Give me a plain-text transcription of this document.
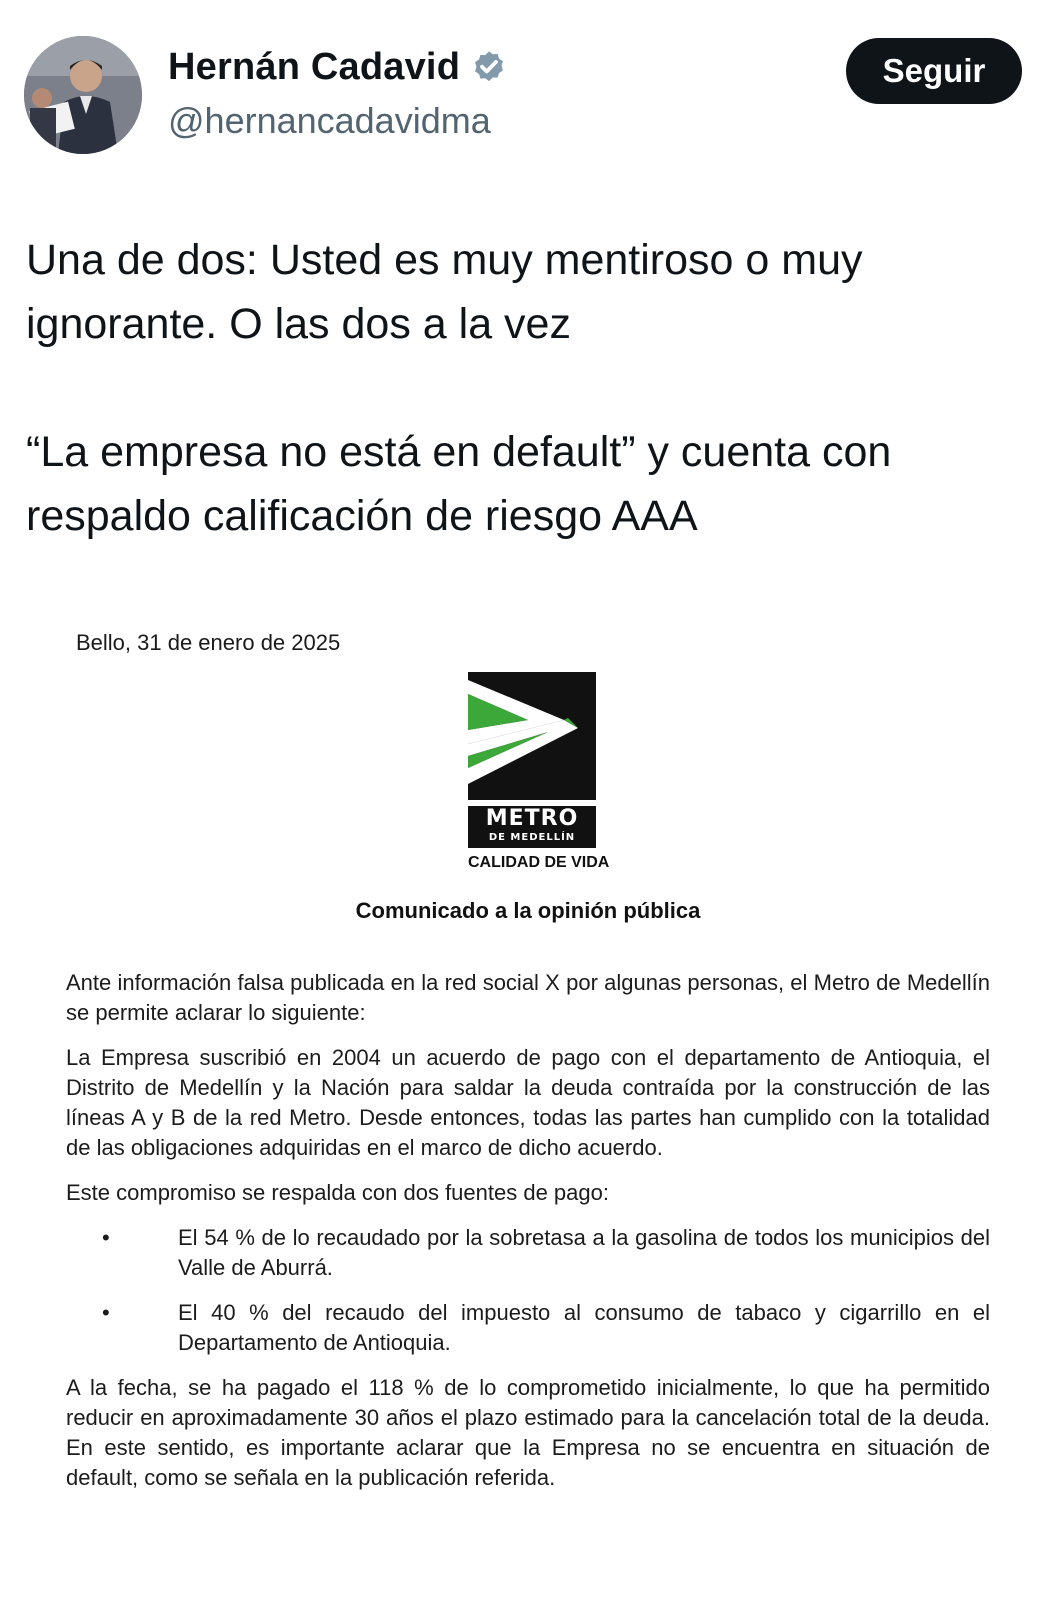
Hernán Cadavid
@hernancadavidma
Seguir

Una de dos: Usted es muy mentiroso o muy ignorante. O las dos a la vez

“La empresa no está en default” y cuenta con respaldo calificación de riesgo AAA

Bello, 31 de enero de 2025
METRO
DE MEDELLÍN
CALIDAD DE VIDA
Comunicado a la opinión pública

Ante información falsa publicada en la red social X por algunas personas, el Metro de Medellín se permite aclarar lo siguiente:

La Empresa suscribió en 2004 un acuerdo de pago con el departamento de Antioquia, el Distrito de Medellín y la Nación para saldar la deuda contraída por la construcción de las líneas A y B de la red Metro. Desde entonces, todas las partes han cumplido con la totalidad de las obligaciones adquiridas en el marco de dicho acuerdo.

Este compromiso se respalda con dos fuentes de pago:

•	El 54 % de lo recaudado por la sobretasa a la gasolina de todos los municipios del Valle de Aburrá.
•	El 40 % del recaudo del impuesto al consumo de tabaco y cigarrillo en el Departamento de Antioquia.

A la fecha, se ha pagado el 118 % de lo comprometido inicialmente, lo que ha permitido reducir en aproximadamente 30 años el plazo estimado para la cancelación total de la deuda. En este sentido, es importante aclarar que la Empresa no se encuentra en situación de default, como se señala en la publicación referida.
